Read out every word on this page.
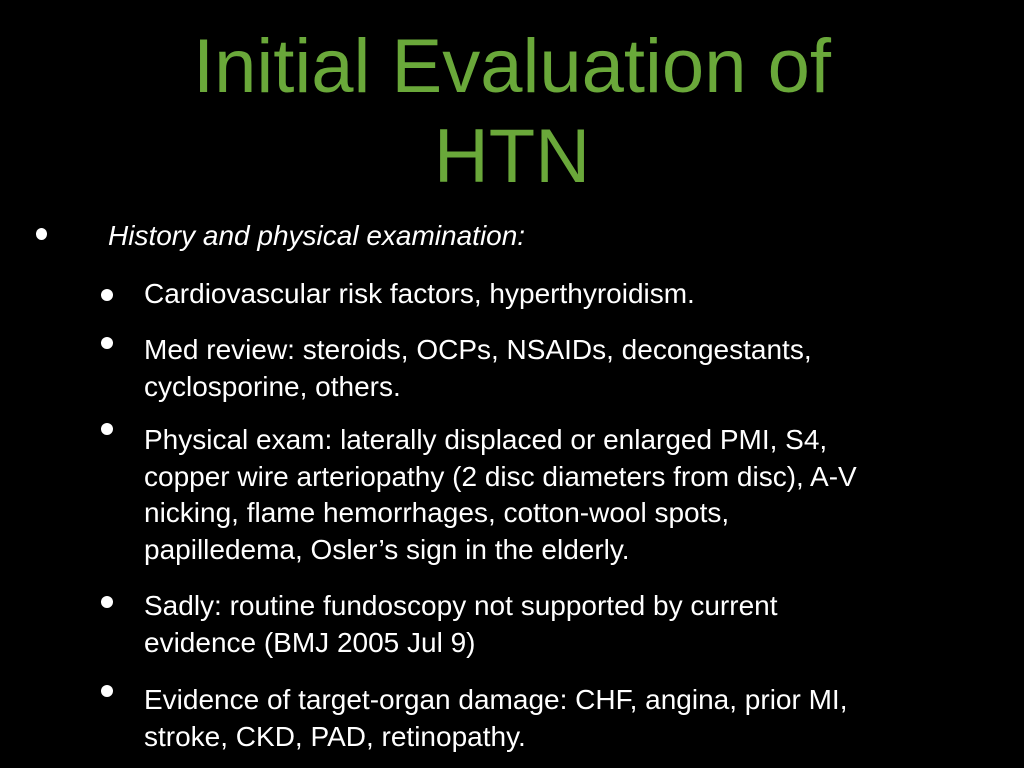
Initial Evaluation of
HTN

History and physical examination:

Cardiovascular risk factors, hyperthyroidism.

Med review: steroids, OCPs, NSAIDs, decongestants,
cyclosporine, others.

Physical exam: laterally displaced or enlarged PMI, S4,
copper wire arteriopathy (2 disc diameters from disc), A-V
nicking, flame hemorrhages, cotton-wool spots,
papilledema, Osler’s sign in the elderly.

Sadly: routine fundoscopy not supported by current
evidence (BMJ 2005 Jul 9)

Evidence of target-organ damage: CHF, angina, prior MI,
stroke, CKD, PAD, retinopathy.
